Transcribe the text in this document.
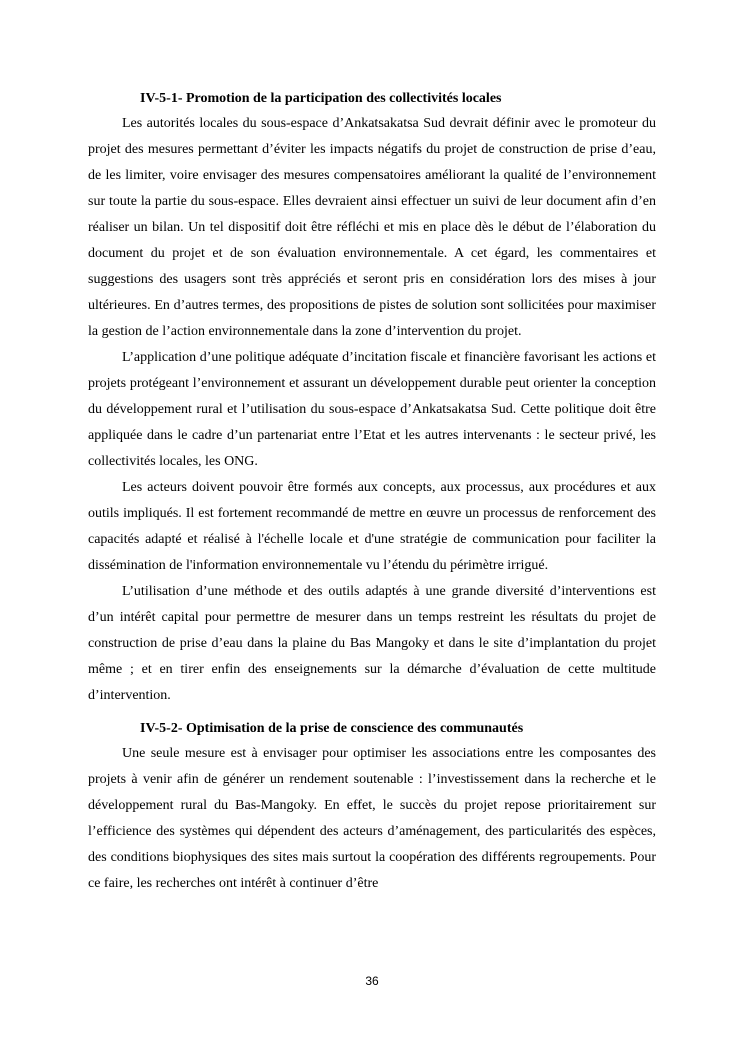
IV-5-1- Promotion de la participation des collectivités locales

Les autorités locales du sous-espace d’Ankatsakatsa Sud devrait définir avec le promoteur du projet des mesures permettant d’éviter les impacts négatifs du projet de construction de prise d’eau, de les limiter, voire envisager des mesures compensatoires améliorant la qualité de l’environnement sur toute la partie du sous-espace. Elles devraient ainsi effectuer un suivi de leur document afin d’en réaliser un bilan. Un tel dispositif doit être réfléchi et mis en place dès le début de l’élaboration du document du projet et de son évaluation environnementale. A cet égard, les commentaires et suggestions des usagers sont très appréciés et seront pris en considération lors des mises à jour ultérieures. En d’autres termes, des propositions de pistes de solution sont sollicitées pour maximiser la gestion de l’action environnementale dans la zone d’intervention du projet.

L’application d’une politique adéquate d’incitation fiscale et financière favorisant les actions et projets protégeant l’environnement et assurant un développement durable peut orienter la conception du développement rural et l’utilisation du sous-espace d’Ankatsakatsa Sud. Cette politique doit être appliquée dans le cadre d’un partenariat entre l’Etat et les autres intervenants : le secteur privé, les collectivités locales, les ONG.

Les acteurs doivent pouvoir être formés aux concepts, aux processus, aux procédures et aux outils impliqués. Il est fortement recommandé de mettre en œuvre un processus de renforcement des capacités adapté et réalisé à l'échelle locale et d'une stratégie de communication pour faciliter la dissémination de l'information environnementale vu l’étendu du périmètre irrigué.

L’utilisation d’une méthode et des outils adaptés à une grande diversité d’interventions est d’un intérêt capital pour permettre de mesurer dans un temps restreint les résultats du projet de construction de prise d’eau dans la plaine du Bas Mangoky et dans le site d’implantation du projet même ; et en tirer enfin des enseignements sur la démarche d’évaluation de cette multitude d’intervention.

IV-5-2- Optimisation de la prise de conscience des communautés

Une seule mesure est à envisager pour optimiser les associations entre les composantes des projets à venir afin de générer un rendement soutenable : l’investissement dans la recherche et le développement rural du Bas-Mangoky. En effet, le succès du projet repose prioritairement sur l’efficience des systèmes qui dépendent des acteurs d’aménagement, des particularités des espèces, des conditions biophysiques des sites mais surtout la coopération des différents regroupements. Pour ce faire, les recherches ont intérêt à continuer d’être

36
